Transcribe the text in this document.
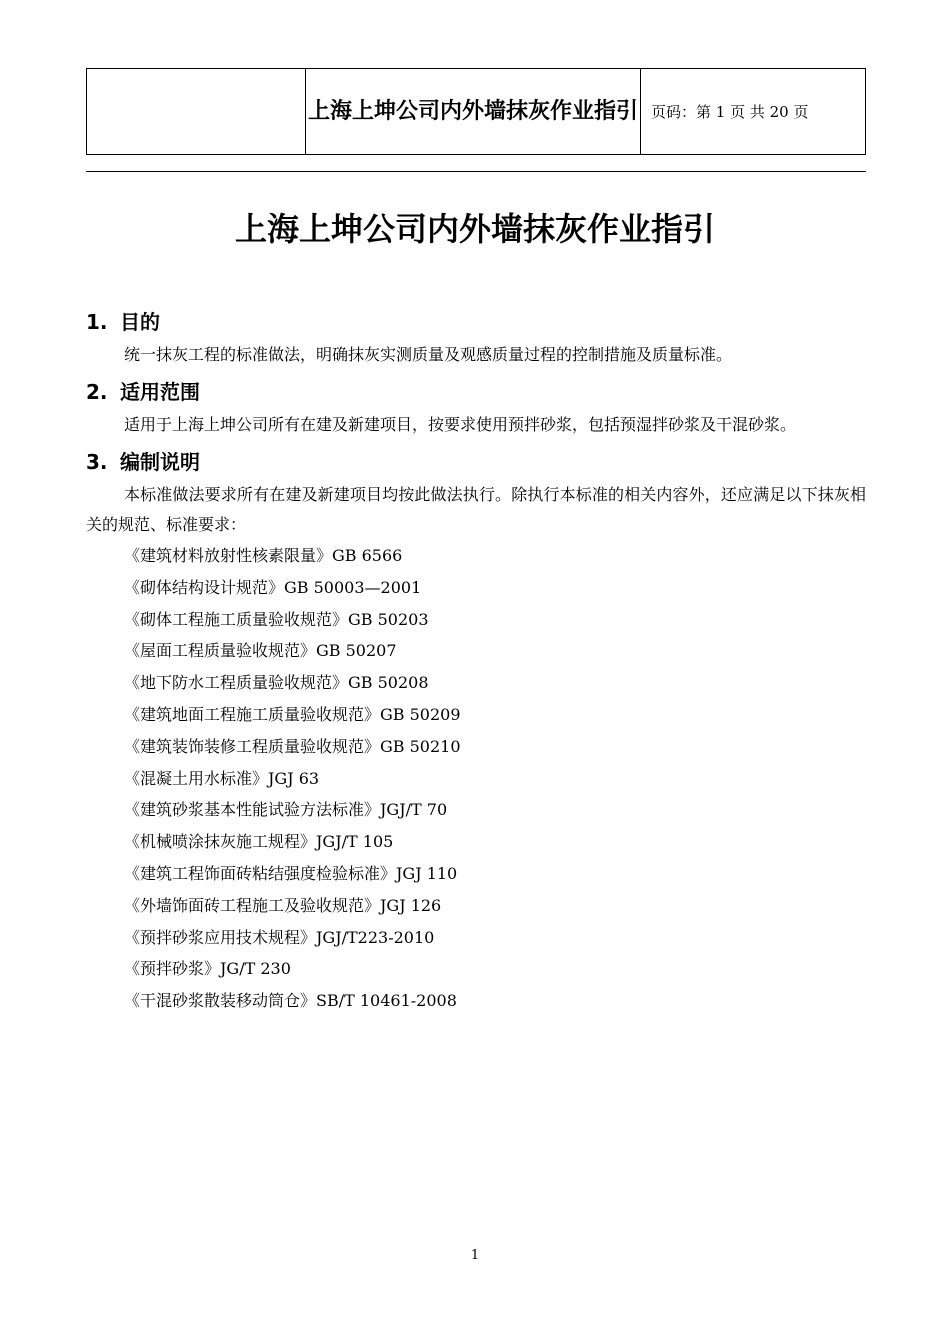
	上海上坤公司内外墙抹灰作业指引	页码：第 1 页 共 20 页
上海上坤公司内外墙抹灰作业指引
1. 目的

统一抹灰工程的标准做法，明确抹灰实测质量及观感质量过程的控制措施及质量标准。

2. 适用范围

适用于上海上坤公司所有在建及新建项目，按要求使用预拌砂浆，包括预湿拌砂浆及干混砂浆。

3. 编制说明

本标准做法要求所有在建及新建项目均按此做法执行。除执行本标准的相关内容外，还应满足以下抹灰相关的规范、标准要求：

《建筑材料放射性核素限量》GB 6566
《砌体结构设计规范》GB 50003—2001
《砌体工程施工质量验收规范》GB 50203
《屋面工程质量验收规范》GB 50207
《地下防水工程质量验收规范》GB 50208
《建筑地面工程施工质量验收规范》GB 50209
《建筑装饰装修工程质量验收规范》GB 50210
《混凝土用水标准》JGJ 63
《建筑砂浆基本性能试验方法标准》JGJ/T 70
《机械喷涂抹灰施工规程》JGJ/T 105
《建筑工程饰面砖粘结强度检验标准》JGJ 110
《外墙饰面砖工程施工及验收规范》JGJ 126
《预拌砂浆应用技术规程》JGJ/T223-2010
《预拌砂浆》JG/T 230
《干混砂浆散装移动筒仓》SB/T 10461-2008
1
